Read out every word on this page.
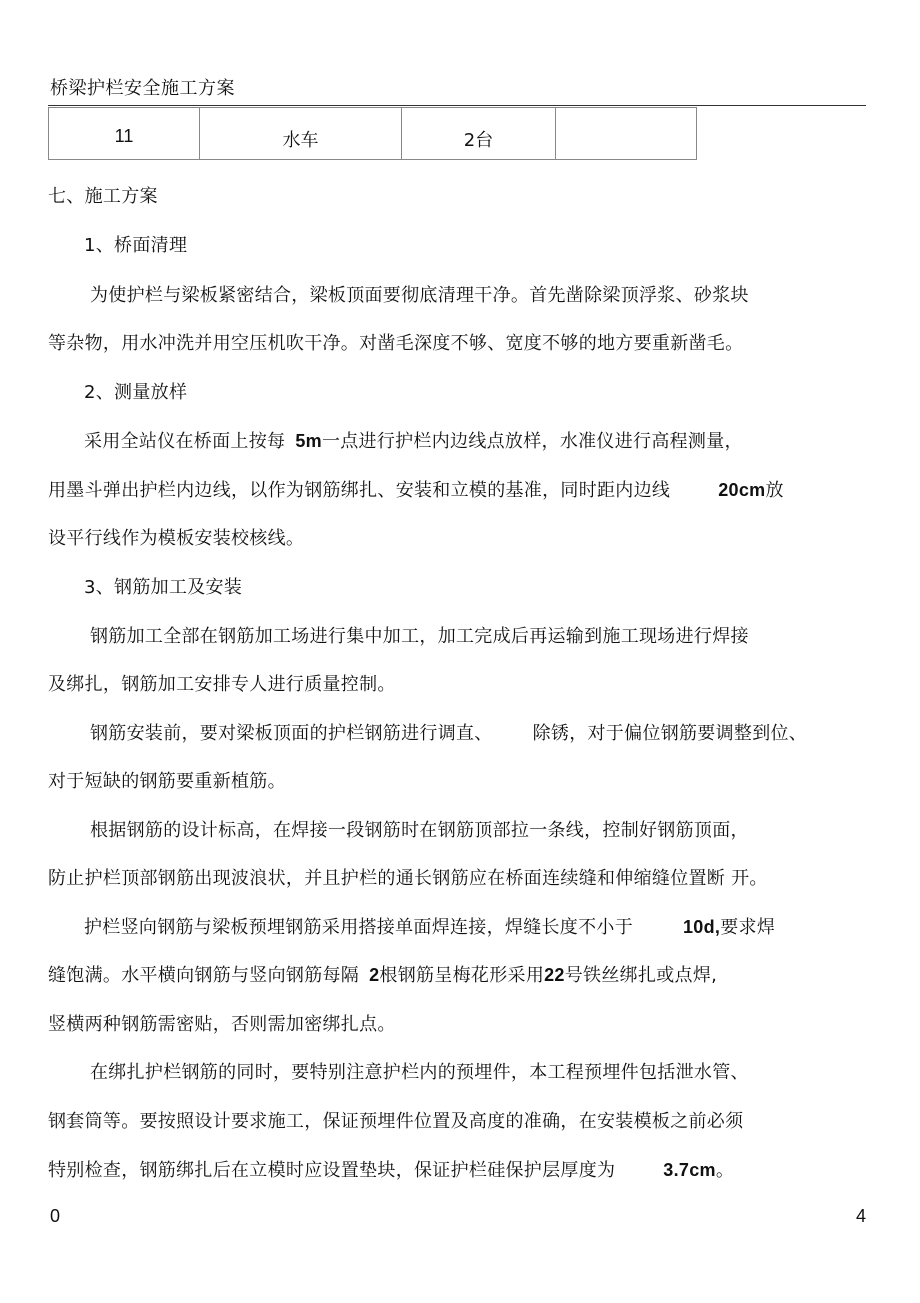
桥梁护栏安全施工方案
11	水车	2台

七、施工方案
1、桥面清理
为使护栏与梁板紧密结合，梁板顶面要彻底清理干净。首先凿除梁顶浮浆、砂浆块
等杂物，用水冲洗并用空压机吹干净。对凿毛深度不够、宽度不够的地方要重新凿毛。
2、测量放样
采用全站仪在桥面上按每 5m一点进行护栏内边线点放样，水准仪进行高程测量，
用墨斗弹出护栏内边线，以作为钢筋绑扎、安装和立模的基准，同时距内边线	20cm放
设平行线作为模板安装校核线。
3、钢筋加工及安装
钢筋加工全部在钢筋加工场进行集中加工，加工完成后再运输到施工现场进行焊接
及绑扎，钢筋加工安排专人进行质量控制。
钢筋安装前，要对梁板顶面的护栏钢筋进行调直、 除锈，对于偏位钢筋要调整到位、
对于短缺的钢筋要重新植筋。
根据钢筋的设计标高，在焊接一段钢筋时在钢筋顶部拉一条线，控制好钢筋顶面，
防止护栏顶部钢筋出现波浪状，并且护栏的通长钢筋应在桥面连续缝和伸缩缝位置断 开。
护栏竖向钢筋与梁板预埋钢筋采用搭接单面焊连接，焊缝长度不小于	10d,要求焊
缝饱满。水平横向钢筋与竖向钢筋每隔 2根钢筋呈梅花形采用22号铁丝绑扎或点焊,
竖横两种钢筋需密贴，否则需加密绑扎点。
在绑扎护栏钢筋的同时，要特别注意护栏内的预埋件，本工程预埋件包括泄水管、
钢套筒等。要按照设计要求施工，保证预埋件位置及高度的准确，在安装模板之前必须
特别检查，钢筋绑扎后在立模时应设置垫块，保证护栏硅保护层厚度为	3.7cm。
0	4
